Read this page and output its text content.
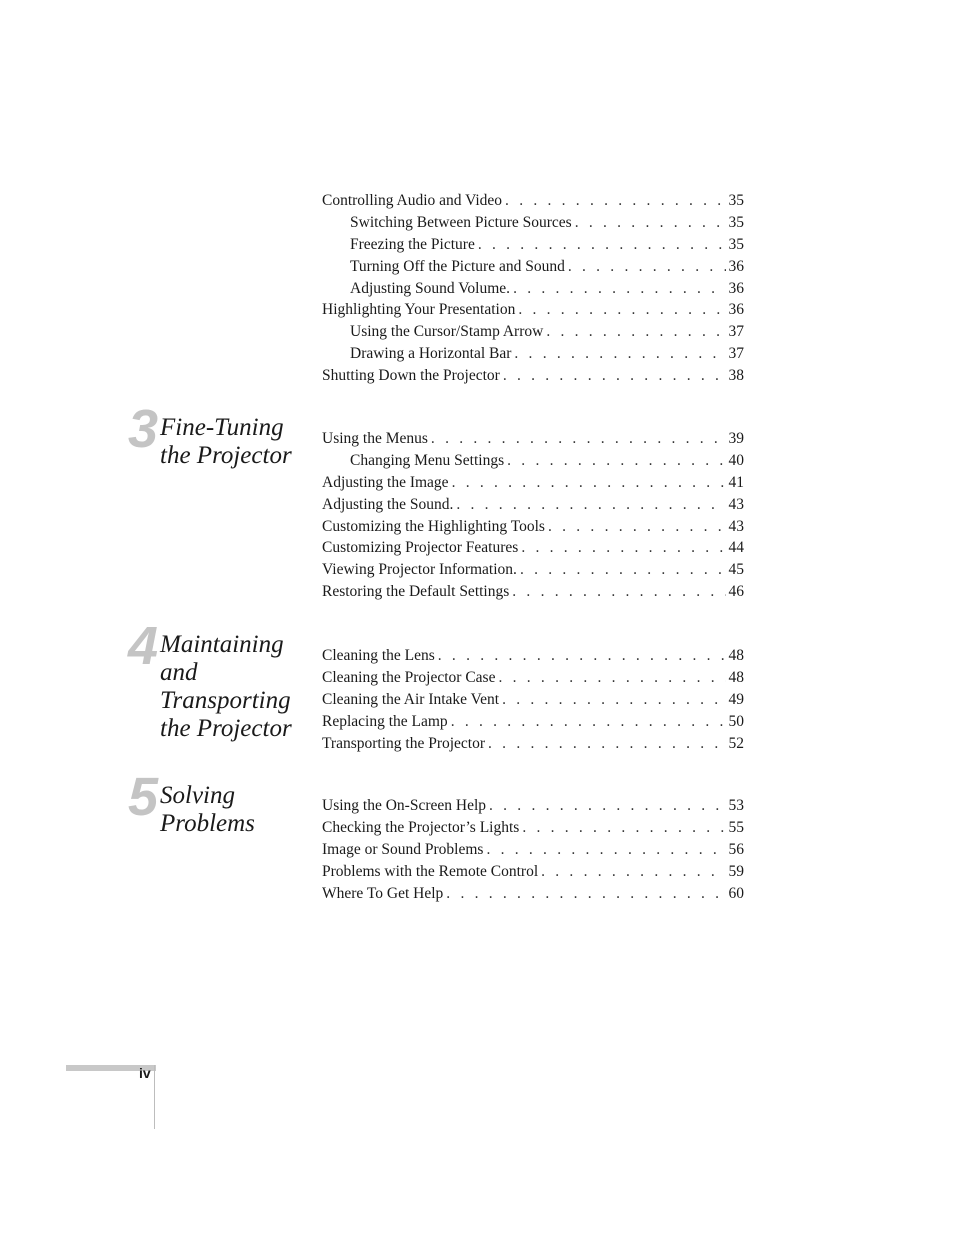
Controlling Audio and Video . . .	35
Switching Between Picture Sources . . .	35
Freezing the Picture . . .	35
Turning Off the Picture and Sound . . .	36
Adjusting Sound Volume. . . .	36
Highlighting Your Presentation . . .	36
Using the Cursor/Stamp Arrow . . .	37
Drawing a Horizontal Bar . . .	37
Shutting Down the Projector . . .	38
3 Fine-Tuning
the Projector
Using the Menus . . .	39
Changing Menu Settings . . .	40
Adjusting the Image . . .	41
Adjusting the Sound. . . .	43
Customizing the Highlighting Tools . . .	43
Customizing Projector Features . . .	44
Viewing Projector Information. . . .	45
Restoring the Default Settings . . .	46
4 Maintaining
and
Transporting
the Projector
Cleaning the Lens . . .	48
Cleaning the Projector Case . . .	48
Cleaning the Air Intake Vent . . .	49
Replacing the Lamp . . .	50
Transporting the Projector . . .	52
5 Solving
Problems
Using the On-Screen Help . . .	53
Checking the Projector’s Lights . . .	55
Image or Sound Problems . . .	56
Problems with the Remote Control . . .	59
Where To Get Help . . .	60
iv
